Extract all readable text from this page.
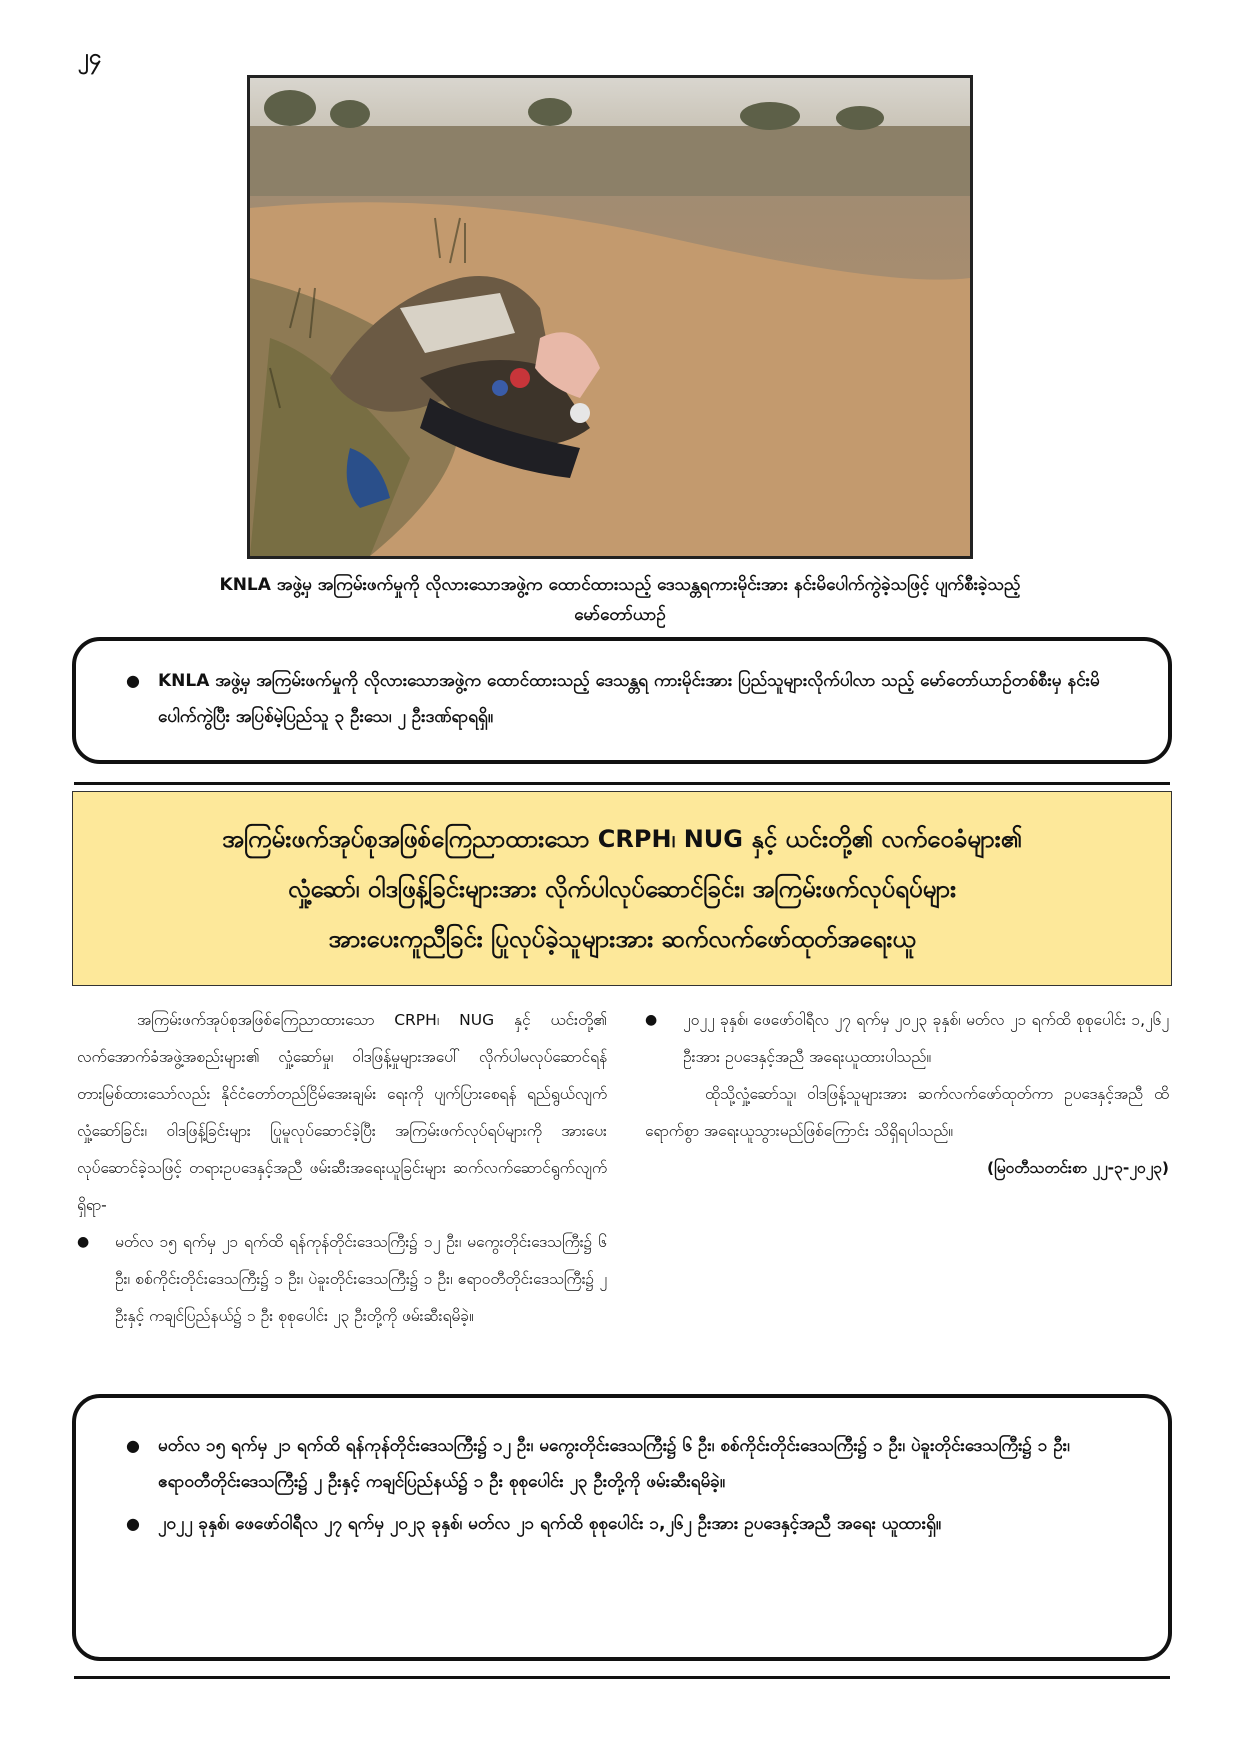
၂၄
KNLA အဖွဲ့မှ အကြမ်းဖက်မှုကို လိုလားသောအဖွဲ့က ထောင်ထားသည့် ဒေသန္တရကားမိုင်းအား နင်းမိပေါက်ကွဲခဲ့သဖြင့် ပျက်စီးခဲ့သည့်
မော်တော်ယာဉ်
● KNLA အဖွဲ့မှ အကြမ်းဖက်မှုကို လိုလားသောအဖွဲ့က ထောင်ထားသည့် ဒေသန္တရ ကားမိုင်းအား ပြည်သူများလိုက်ပါလာ သည့် မော်တော်ယာဉ်တစ်စီးမှ နင်းမိပေါက်ကွဲပြီး အပြစ်မဲ့ပြည်သူ ၃ ဦးသေ၊ ၂ ဦးဒဏ်ရာရရှိ။
အကြမ်းဖက်အုပ်စုအဖြစ်ကြေညာထားသော CRPH၊ NUG နှင့် ယင်းတို့၏ လက်ဝေခံများ၏
လှုံ့ဆော်၊ ဝါဒဖြန့်ခြင်းများအား လိုက်ပါလုပ်ဆောင်ခြင်း၊ အကြမ်းဖက်လုပ်ရပ်များ
အားပေးကူညီခြင်း ပြုလုပ်ခဲ့သူများအား ဆက်လက်ဖော်ထုတ်အရေးယူ

အကြမ်းဖက်အုပ်စုအဖြစ်ကြေညာထားသော CRPH၊ NUG နှင့် ယင်းတို့၏ လက်အောက်ခံအဖွဲ့အစည်းများ၏ လှုံ့ဆော်မှု၊ ဝါဒဖြန့်မှုများအပေါ် လိုက်ပါမလုပ်ဆောင်ရန် တားမြစ်ထားသော်လည်း နိုင်ငံတော်တည်ငြိမ်အေးချမ်း ရေးကို ပျက်ပြားစေရန် ရည်ရွယ်လျက် လှုံ့ဆော်ခြင်း၊ ဝါဒဖြန့်ခြင်းများ ပြုမူလုပ်ဆောင်ခဲ့ပြီး အကြမ်းဖက်လုပ်ရပ်များကို အားပေးလုပ်ဆောင်ခဲ့သဖြင့် တရားဥပဒေနှင့်အညီ ဖမ်းဆီးအရေးယူခြင်းများ ဆက်လက်ဆောင်ရွက်လျက်ရှိရာ-

● မတ်လ ၁၅ ရက်မှ ၂၁ ရက်ထိ ရန်ကုန်တိုင်းဒေသကြီး၌ ၁၂ ဦး၊ မကွေးတိုင်းဒေသကြီး၌ ၆ ဦး၊ စစ်ကိုင်းတိုင်းဒေသကြီး၌ ၁ ဦး၊ ပဲခူးတိုင်းဒေသကြီး၌ ၁ ဦး၊ ဧရာဝတီတိုင်းဒေသကြီး၌ ၂ ဦးနှင့် ကချင်ပြည်နယ်၌ ၁ ဦး စုစုပေါင်း ၂၃ ဦးတို့ကို ဖမ်းဆီးရမိခဲ့။
● ၂၀၂၂ ခုနှစ်၊ ဖေဖော်ဝါရီလ ၂၇ ရက်မှ ၂၀၂၃ ခုနှစ်၊ မတ်လ ၂၁ ရက်ထိ စုစုပေါင်း ၁,၂၆၂ ဦးအား ဥပဒေနှင့်အညီ အရေးယူထားပါသည်။

ထိုသို့လှုံ့ဆော်သူ၊ ဝါဒဖြန့်သူများအား ဆက်လက်ဖော်ထုတ်ကာ ဥပဒေနှင့်အညီ ထိရောက်စွာ အရေးယူသွားမည်ဖြစ်ကြောင်း သိရှိရပါသည်။

(မြဝတီသတင်းစာ ၂၂-၃-၂၀၂၃)

● မတ်လ ၁၅ ရက်မှ ၂၁ ရက်ထိ ရန်ကုန်တိုင်းဒေသကြီး၌ ၁၂ ဦး၊ မကွေးတိုင်းဒေသကြီး၌ ၆ ဦး၊ စစ်ကိုင်းတိုင်းဒေသကြီး၌ ၁ ဦး၊ ပဲခူးတိုင်းဒေသကြီး၌ ၁ ဦး၊ ဧရာဝတီတိုင်းဒေသကြီး၌ ၂ ဦးနှင့် ကချင်ပြည်နယ်၌ ၁ ဦး စုစုပေါင်း ၂၃ ဦးတို့ကို ဖမ်းဆီးရမိခဲ့။
● ၂၀၂၂ ခုနှစ်၊ ဖေဖော်ဝါရီလ ၂၇ ရက်မှ ၂၀၂၃ ခုနှစ်၊ မတ်လ ၂၁ ရက်ထိ စုစုပေါင်း ၁,၂၆၂ ဦးအား ဥပဒေနှင့်အညီ အရေး ယူထားရှိ။
